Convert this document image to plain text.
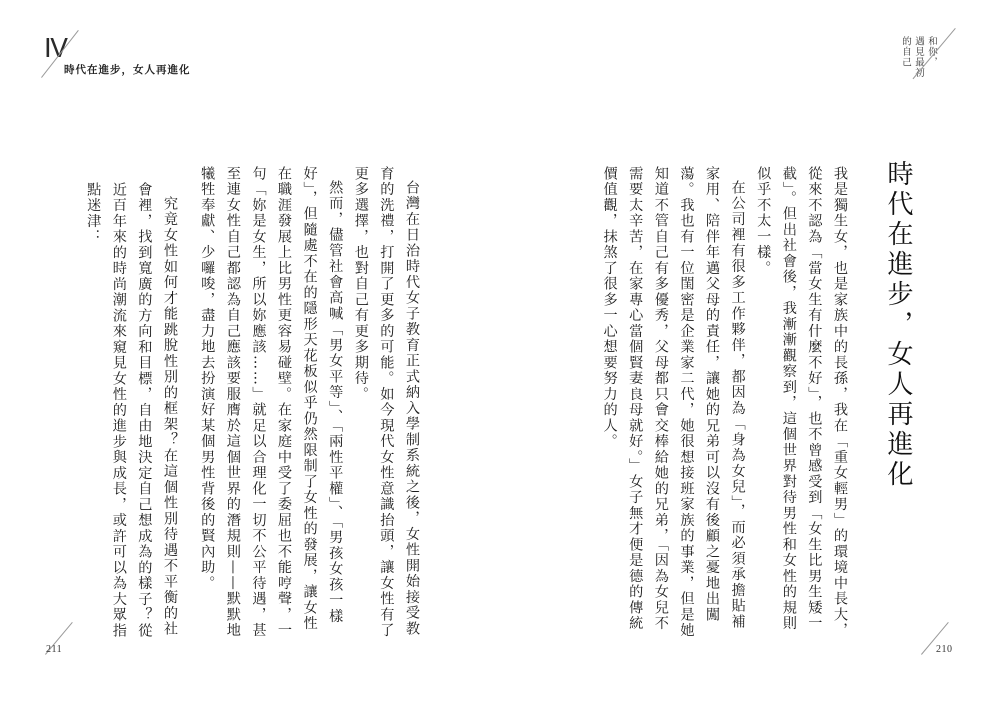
Ⅳ
時代在進步，女人再進化

台灣在日治時代女子教育正式納入學制系統之後，女性開始接受教育的洗禮，打開了更多的可能。如今現代女性意識抬頭，讓女性有了更多選擇，也對自己有更多期待。

然而，儘管社會高喊「男女平等」、「兩性平權」、「男孩女孩一樣好」，但隨處不在的隱形天花板似乎仍然限制了女性的發展，讓女性在職涯發展上比男性更容易碰壁。在家庭中受了委屈也不能哼聲，一句「妳是女生，所以妳應該……」就足以合理化一切不公平待遇，甚至連女性自己都認為自己應該要服膺於這個世界的潛規則——默默地犧牲奉獻、少囉唆，盡力地去扮演好某個男性背後的賢內助。

究竟女性如何才能跳脫性別的框架？在這個性別待遇不平衡的社會裡，找到寬廣的方向和目標，自由地決定自己想成為的樣子？從近百年來的時尚潮流來窺見女性的進步與成長，或許可以為大眾指點迷津：

211
和你，
遇見最初
的自己
時代在進步，女人再進化

我是獨生女，也是家族中的長孫，我在「重女輕男」的環境中長大，從來不認為「當女生有什麼不好」，也不曾感受到「女生比男生矮一截」。但出社會後，我漸漸觀察到，這個世界對待男性和女性的規則似乎不太一樣。

在公司裡有很多工作夥伴，都因為「身為女兒」，而必須承擔貼補家用、陪伴年邁父母的責任，讓她的兄弟可以沒有後顧之憂地出闖蕩。我也有一位閨密是企業家二代，她很想接班家族的事業，但是她知道不管自己有多優秀，父母都只會交棒給她的兄弟，「因為女兒不需要太辛苦，在家專心當個賢妻良母就好。」女子無才便是德的傳統價值觀，抹煞了很多一心想要努力的人。

210
